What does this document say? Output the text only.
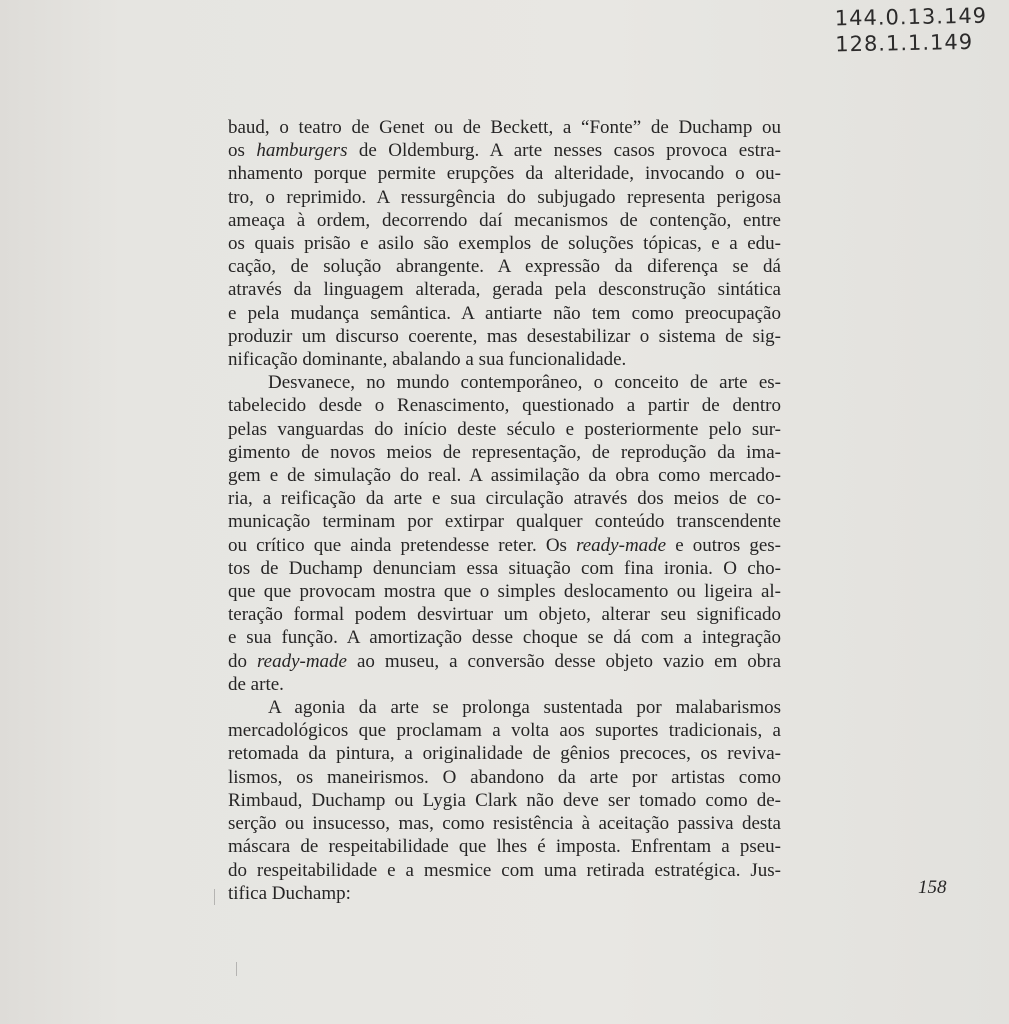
144.0.13.149
128.1.1.149

baud, o teatro de Genet ou de Beckett, a “Fonte” de Duchamp ou
os hamburgers de Oldemburg. A arte nesses casos provoca estra-
nhamento porque permite erupções da alteridade, invocando o ou-
tro, o reprimido. A ressurgência do subjugado representa perigosa
ameaça à ordem, decorrendo daí mecanismos de contenção, entre
os quais prisão e asilo são exemplos de soluções tópicas, e a edu-
cação, de solução abrangente. A expressão da diferença se dá
através da linguagem alterada, gerada pela desconstrução sintática
e pela mudança semântica. A antiarte não tem como preocupação
produzir um discurso coerente, mas desestabilizar o sistema de sig-
nificação dominante, abalando a sua funcionalidade.

Desvanece, no mundo contemporâneo, o conceito de arte es-
tabelecido desde o Renascimento, questionado a partir de dentro
pelas vanguardas do início deste século e posteriormente pelo sur-
gimento de novos meios de representação, de reprodução da ima-
gem e de simulação do real. A assimilação da obra como mercado-
ria, a reificação da arte e sua circulação através dos meios de co-
municação terminam por extirpar qualquer conteúdo transcendente
ou crítico que ainda pretendesse reter. Os ready-made e outros ges-
tos de Duchamp denunciam essa situação com fina ironia. O cho-
que que provocam mostra que o simples deslocamento ou ligeira al-
teração formal podem desvirtuar um objeto, alterar seu significado
e sua função. A amortização desse choque se dá com a integração
do ready-made ao museu, a conversão desse objeto vazio em obra
de arte.

A agonia da arte se prolonga sustentada por malabarismos
mercadológicos que proclamam a volta aos suportes tradicionais, a
retomada da pintura, a originalidade de gênios precoces, os reviva-
lismos, os maneirismos. O abandono da arte por artistas como
Rimbaud, Duchamp ou Lygia Clark não deve ser tomado como de-
serção ou insucesso, mas, como resistência à aceitação passiva desta
máscara de respeitabilidade que lhes é imposta. Enfrentam a pseu-
do respeitabilidade e a mesmice com uma retirada estratégica. Jus-
tifica Duchamp:	158
